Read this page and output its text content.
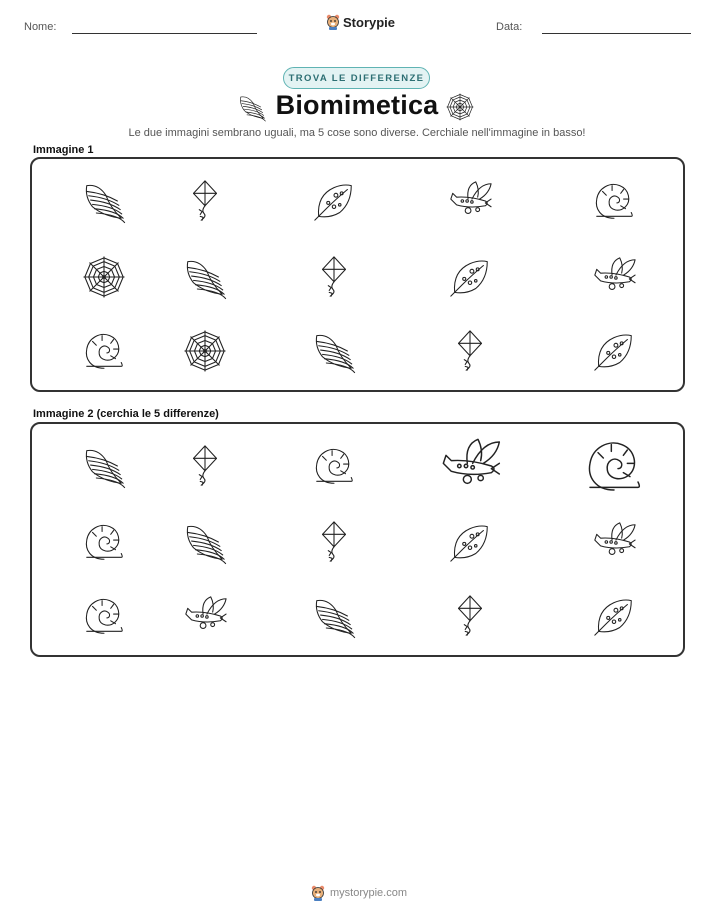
Nome:	Storypie	Data:
TROVA LE DIFFERENZE
Biomimetica
Le due immagini sembrano uguali, ma 5 cose sono diverse. Cerchiale nell'immagine in basso!
Immagine 1
Immagine 2 (cerchia le 5 differenze)
mystorypie.com
